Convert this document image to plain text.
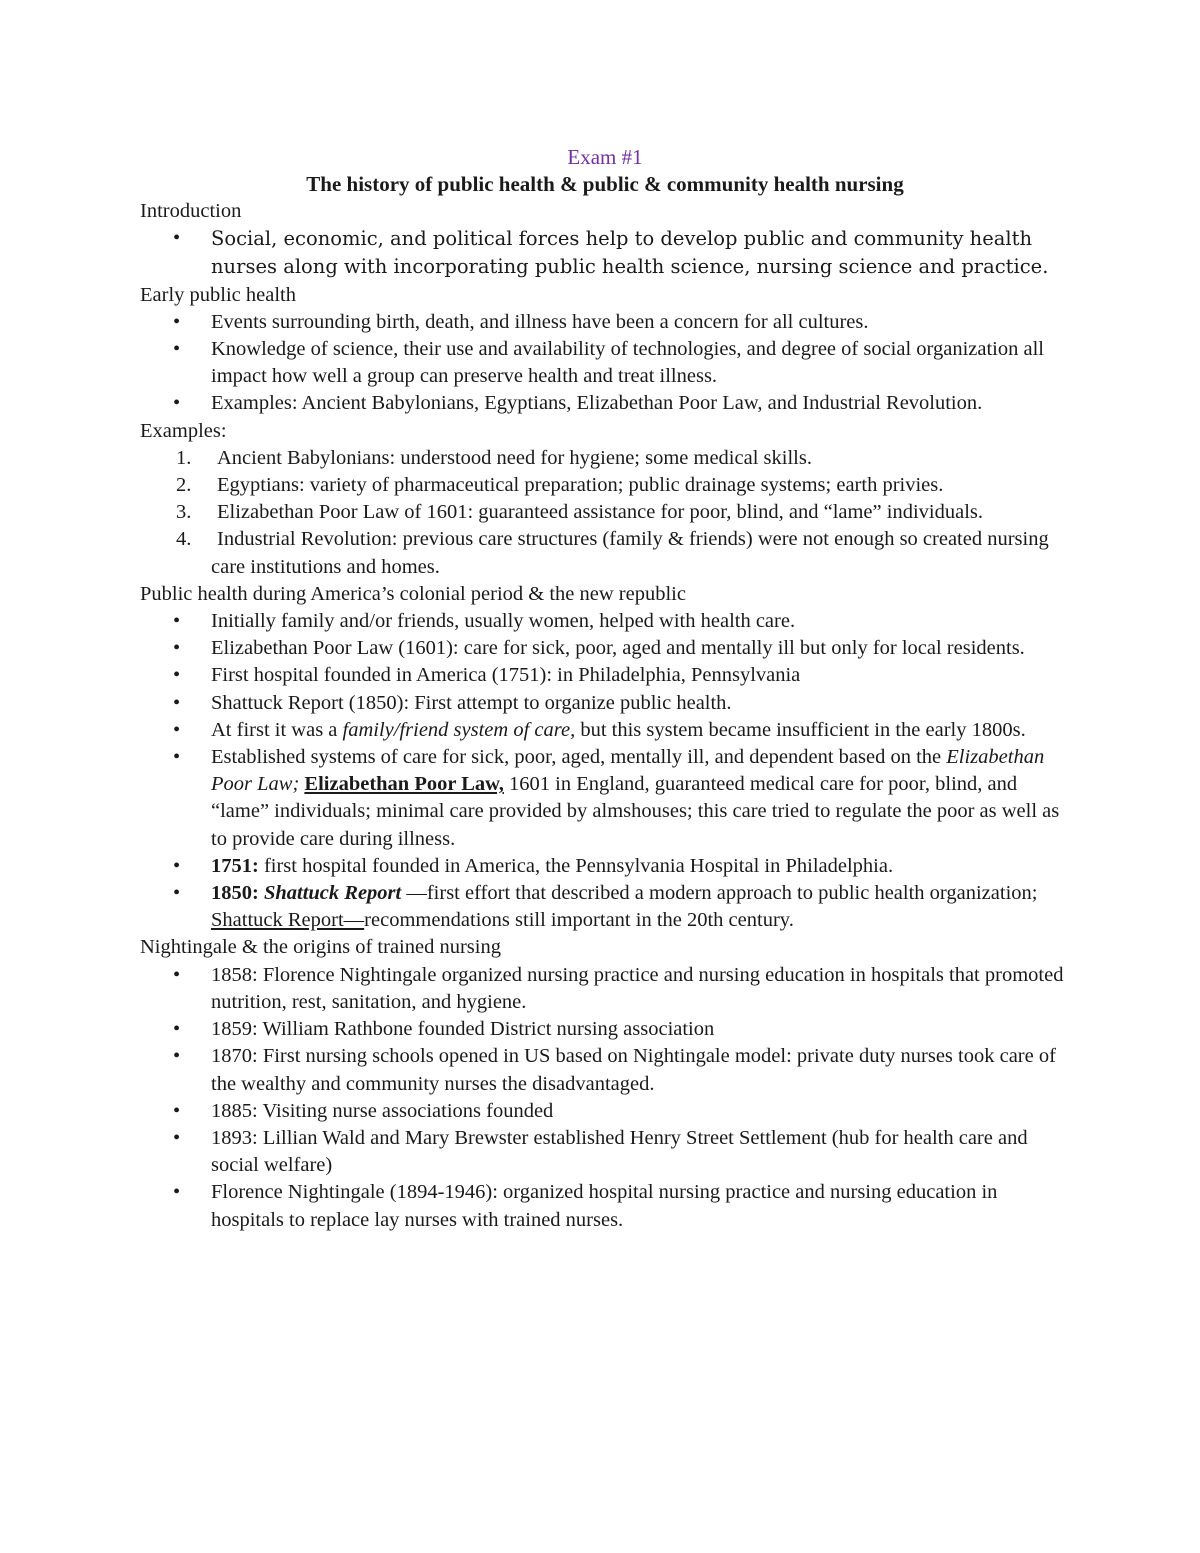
Exam #1
The history of public health & public & community health nursing
Introduction
• Social, economic, and political forces help to develop public and community health nurses along with incorporating public health science, nursing science and practice.
Early public health
• Events surrounding birth, death, and illness have been a concern for all cultures.
• Knowledge of science, their use and availability of technologies, and degree of social organization all impact how well a group can preserve health and treat illness.
• Examples: Ancient Babylonians, Egyptians, Elizabethan Poor Law, and Industrial Revolution.
Examples:
1. Ancient Babylonians: understood need for hygiene; some medical skills.
2. Egyptians: variety of pharmaceutical preparation; public drainage systems; earth privies.
3. Elizabethan Poor Law of 1601: guaranteed assistance for poor, blind, and “lame” individuals.
4. Industrial Revolution: previous care structures (family & friends) were not enough so created nursing care institutions and homes.
Public health during America’s colonial period & the new republic
• Initially family and/or friends, usually women, helped with health care.
• Elizabethan Poor Law (1601): care for sick, poor, aged and mentally ill but only for local residents.
• First hospital founded in America (1751): in Philadelphia, Pennsylvania
• Shattuck Report (1850): First attempt to organize public health.
• At first it was a family/friend system of care, but this system became insufficient in the early 1800s.
• Established systems of care for sick, poor, aged, mentally ill, and dependent based on the Elizabethan Poor Law; Elizabethan Poor Law, 1601 in England, guaranteed medical care for poor, blind, and “lame” individuals; minimal care provided by almshouses; this care tried to regulate the poor as well as to provide care during illness.
• 1751: first hospital founded in America, the Pennsylvania Hospital in Philadelphia.
• 1850: Shattuck Report —first effort that described a modern approach to public health organization; Shattuck Report—recommendations still important in the 20th century.
Nightingale & the origins of trained nursing
• 1858: Florence Nightingale organized nursing practice and nursing education in hospitals that promoted nutrition, rest, sanitation, and hygiene.
• 1859: William Rathbone founded District nursing association
• 1870: First nursing schools opened in US based on Nightingale model: private duty nurses took care of the wealthy and community nurses the disadvantaged.
• 1885: Visiting nurse associations founded
• 1893: Lillian Wald and Mary Brewster established Henry Street Settlement (hub for health care and social welfare)
• Florence Nightingale (1894-1946): organized hospital nursing practice and nursing education in hospitals to replace lay nurses with trained nurses.
